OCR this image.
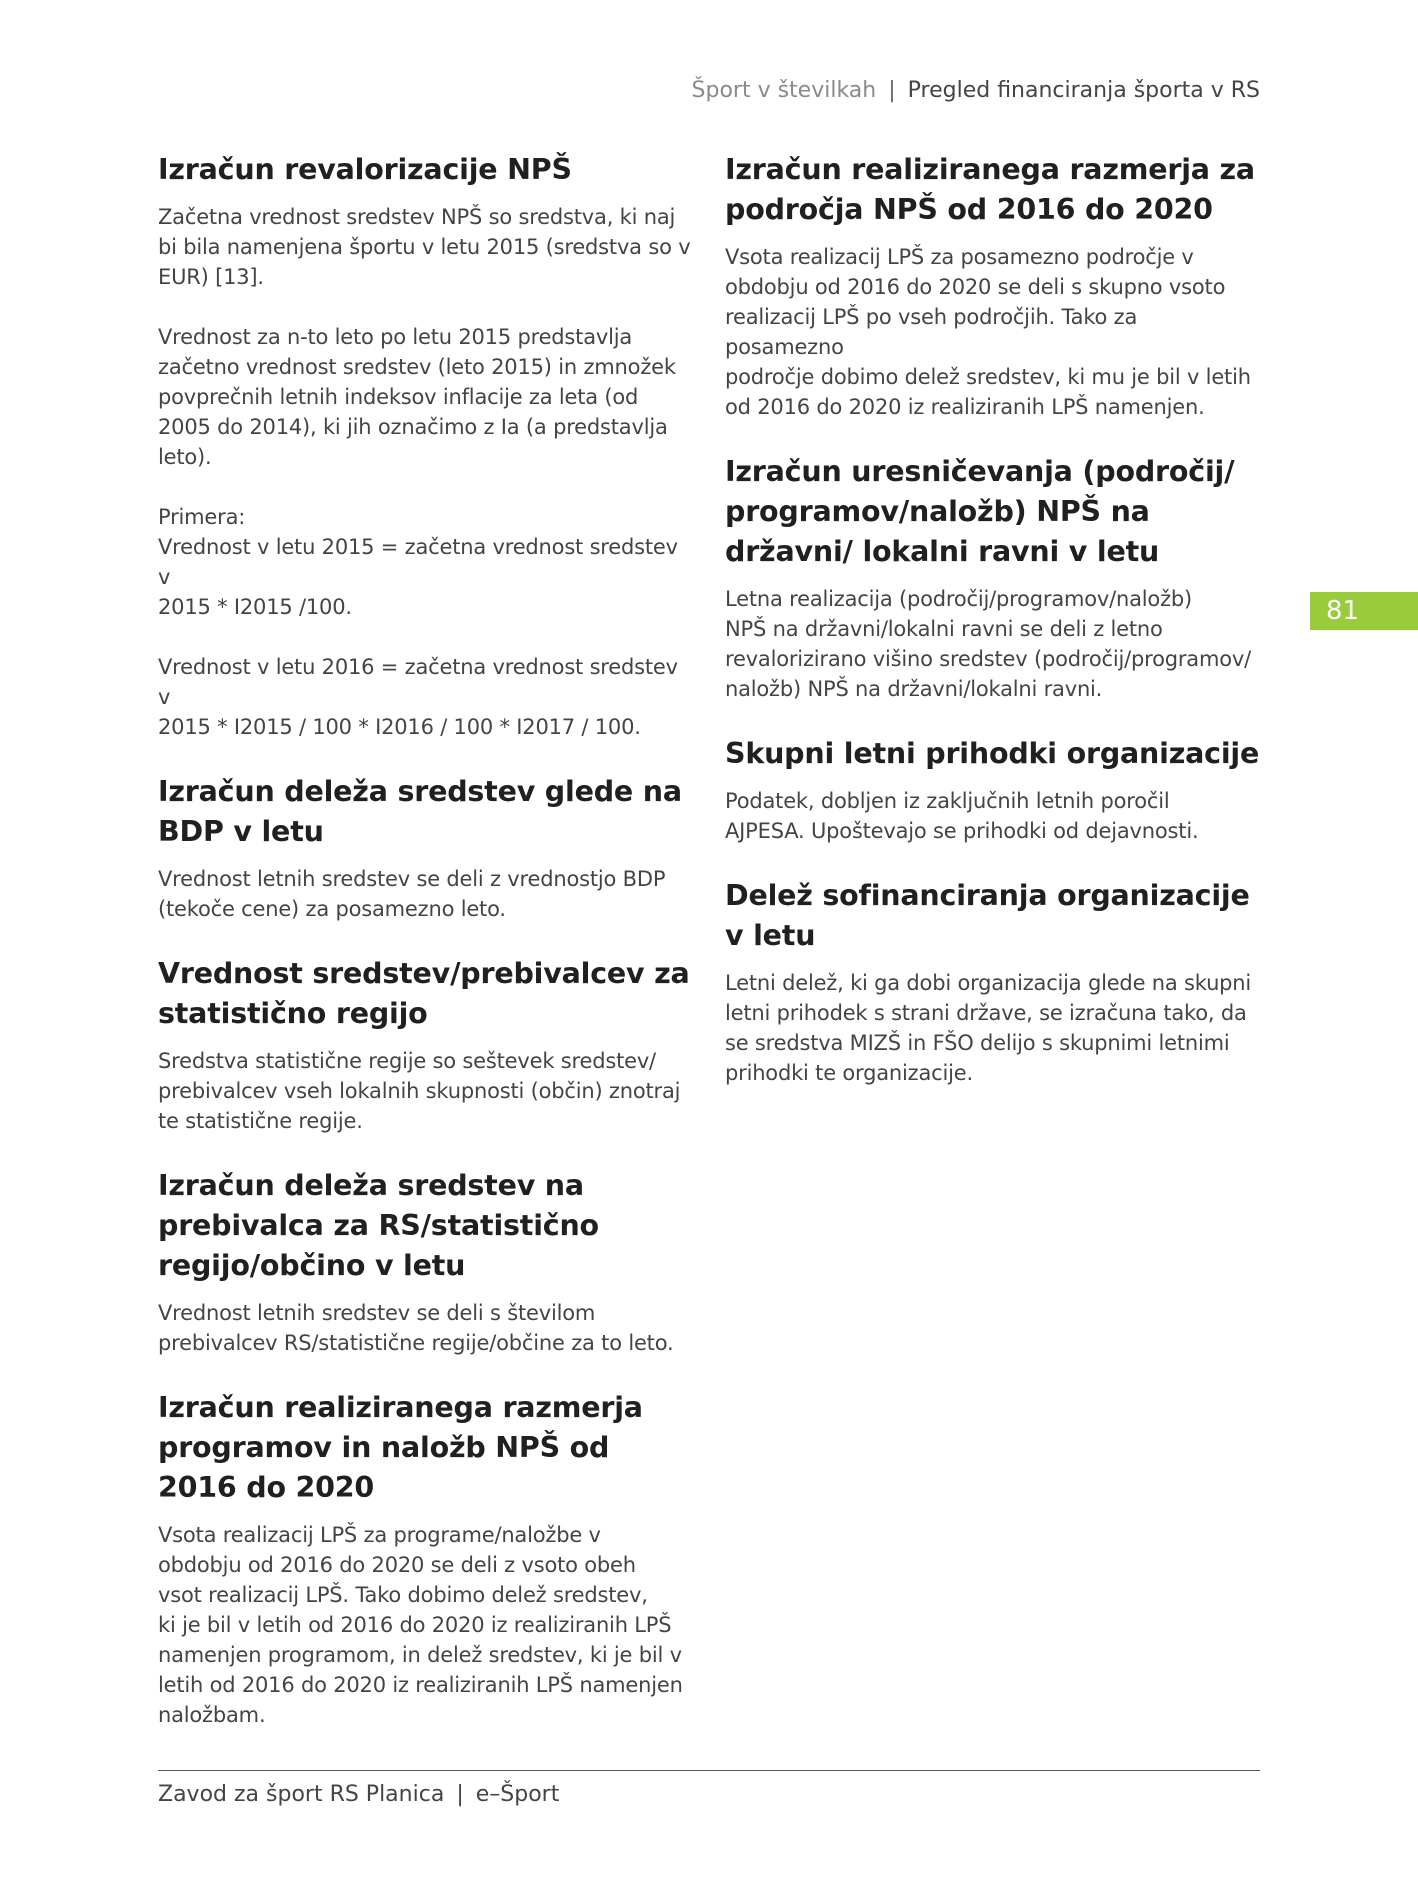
Šport v številkah | Pregled financiranja športa v RS
81
Izračun revalorizacije NPŠ

Začetna vrednost sredstev NPŠ so sredstva, ki naj
bi bila namenjena športu v letu 2015 (sredstva so v
EUR) [13].

Vrednost za n-to leto po letu 2015 predstavlja
začetno vrednost sredstev (leto 2015) in zmnožek
povprečnih letnih indeksov inflacije za leta (od
2005 do 2014), ki jih označimo z Ia (a predstavlja
leto).

Primera:
Vrednost v letu 2015 = začetna vrednost sredstev v
2015 * I2015 /100.

Vrednost v letu 2016 = začetna vrednost sredstev v
2015 * I2015 / 100 * I2016 / 100 * I2017 / 100.

Izračun deleža sredstev glede na BDP v letu

Vrednost letnih sredstev se deli z vrednostjo BDP
(tekoče cene) za posamezno leto.

Vrednost sredstev/prebivalcev za statistično regijo

Sredstva statistične regije so seštevek sredstev/
prebivalcev vseh lokalnih skupnosti (občin) znotraj
te statistične regije.

Izračun deleža sredstev na prebivalca za RS/statistično regijo/občino v letu

Vrednost letnih sredstev se deli s številom
prebivalcev RS/statistične regije/občine za to leto.

Izračun realiziranega razmerja programov in naložb NPŠ od 2016 do 2020

Vsota realizacij LPŠ za programe/naložbe v
obdobju od 2016 do 2020 se deli z vsoto obeh
vsot realizacij LPŠ. Tako dobimo delež sredstev,
ki je bil v letih od 2016 do 2020 iz realiziranih LPŠ
namenjen programom, in delež sredstev, ki je bil v
letih od 2016 do 2020 iz realiziranih LPŠ namenjen
naložbam.

Izračun realiziranega razmerja za področja NPŠ od 2016 do 2020

Vsota realizacij LPŠ za posamezno področje v
obdobju od 2016 do 2020 se deli s skupno vsoto
realizacij LPŠ po vseh področjih. Tako za posamezno
področje dobimo delež sredstev, ki mu je bil v letih
od 2016 do 2020 iz realiziranih LPŠ namenjen.

Izračun uresničevanja (področij/ programov/naložb) NPŠ na državni/ lokalni ravni v letu

Letna realizacija (področij/programov/naložb)
NPŠ na državni/lokalni ravni se deli z letno
revalorizirano višino sredstev (področij/programov/
naložb) NPŠ na državni/lokalni ravni.

Skupni letni prihodki organizacije

Podatek, dobljen iz zaključnih letnih poročil
AJPESA. Upoštevajo se prihodki od dejavnosti.

Delež sofinanciranja organizacije v letu

Letni delež, ki ga dobi organizacija glede na skupni
letni prihodek s strani države, se izračuna tako, da
se sredstva MIZŠ in FŠO delijo s skupnimi letnimi
prihodki te organizacije.

Zavod za šport RS Planica | e–Šport
